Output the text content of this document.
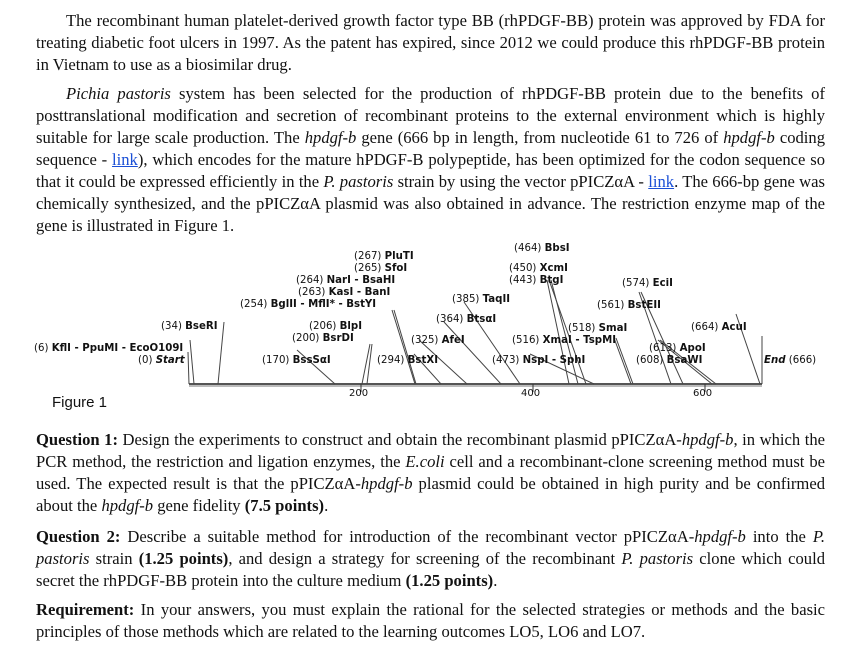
The recombinant human platelet-derived growth factor type BB (rhPDGF-BB) protein was approved by FDA for treating diabetic foot ulcers in 1997. As the patent has expired, since 2012 we could produce this rhPDGF-BB protein in Vietnam to use as a biosimilar drug.
Pichia pastoris system has been selected for the production of rhPDGF-BB protein due to the benefits of posttranslational modification and secretion of recombinant proteins to the external environment which is highly suitable for large scale production. The hpdgf-b gene (666 bp in length, from nucleotide 61 to 726 of hpdgf-b coding sequence - link), which encodes for the mature hPDGF-B polypeptide, has been optimized for the codon sequence so that it could be expressed efficiently in the P. pastoris strain by using the vector pPICZαA - link. The 666-bp gene was chemically synthesized, and the pPICZαA plasmid was also obtained in advance. The restriction enzyme map of the gene is illustrated in Figure 1.
200	400	600
(267) PluTI
(265) SfoI
(264) NarI - BsaHI
(263) KasI - BanI
(254) BglII - MflI* - BstYI
(464) BbsI
(450) XcmI
(443) BtgI
(385) TaqII
(364) BtsαI
(574) EciI
(561) BstEII
(34) BseRI	(206) BlpI
(200) BsrDI	(325) AfeI
(518) SmaI
(516) XmaI - TspMI
(664) AcuI
(613) ApoI
(608) BsaWI
(6) KflI - PpuMI - EcoO109I
(0) Start	(170) BssSαI	(294) BstXI	(473) NspI - SphI	End (666)
Figure 1
Question 1: Design the experiments to construct and obtain the recombinant plasmid pPICZαA-hpdgf-b, in which the PCR method, the restriction and ligation enzymes, the E.coli cell and a recombinant-clone screening method must be used. The expected result is that the pPICZαA-hpdgf-b plasmid could be obtained in high purity and be confirmed about the hpdgf-b gene fidelity (7.5 points).
Question 2: Describe a suitable method for introduction of the recombinant vector pPICZαA-hpdgf-b into the P. pastoris strain (1.25 points), and design a strategy for screening of the recombinant P. pastoris clone which could secret the rhPDGF-BB protein into the culture medium (1.25 points).
Requirement: In your answers, you must explain the rational for the selected strategies or methods and the basic principles of those methods which are related to the learning outcomes LO5, LO6 and LO7.
